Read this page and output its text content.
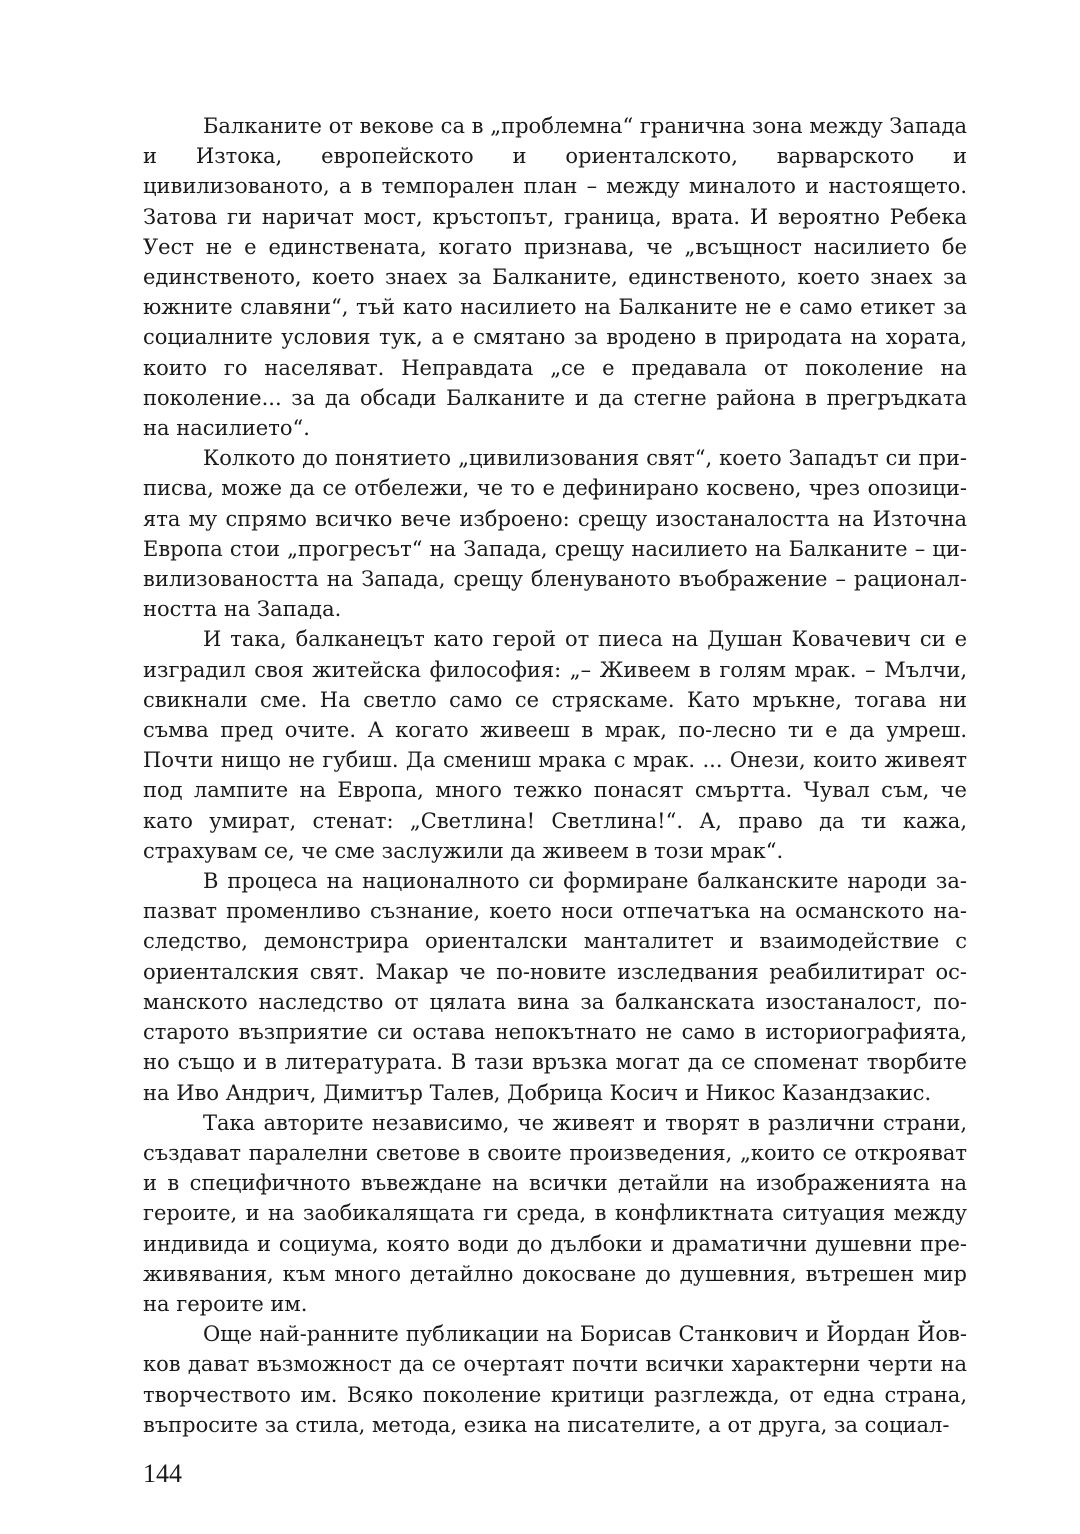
Балканите от векове са в „проблемна“ гранична зона между Запада и Изтока, европейското и ориенталското, варварското и цивилизованото, а в темпорален план – между миналото и настоящето. Затова ги наричат мост, кръстопът, граница, врата. И вероятно Ребека Уест не е единствената, когато признава, че „всъщност насилието бе единственото, което знаех за Балканите, единственото, което знаех за южните славяни“, тъй като насилието на Балканите не е само етикет за социалните условия тук, а е смятано за вродено в природата на хората, които го населяват. Неправдата „се е предавала от поколение на поколение... за да обсади Балканите и да стегне района в прегръдката на насилието“.

Колкото до понятието „цивилизования свят“, което Западът си приписва, може да се отбележи, че то е дефинирано косвено, чрез опозицията му спрямо всичко вече изброено: срещу изостаналостта на Източна Европа стои „прогресът“ на Запада, срещу насилието на Балканите – цивилизоваността на Запада, срещу бленуваното въображение – рационалността на Запада.

И така, балканецът като герой от пиеса на Душан Ковачевич си е изградил своя житейска философия: „– Живеем в голям мрак. – Мълчи, свикнали сме. На светло само се стряскаме. Като мръкне, тогава ни съмва пред очите. А когато живееш в мрак, по-лесно ти е да умреш. Почти нищо не губиш. Да смениш мрака с мрак. ... Онези, които живеят под лампите на Европа, много тежко понасят смъртта. Чувал съм, че като умират, стенат: „Светлина! Светлина!“. А, право да ти кажа, страхувам се, че сме заслужили да живеем в този мрак“.

В процеса на националното си формиране балканските народи запазват променливо съзнание, което носи отпечатъка на османското наследство, демонстрира ориенталски манталитет и взаимодействие с ориенталския свят. Макар че по-новите изследвания реабилитират османското наследство от цялата вина за балканската изостаналост, по-старото възприятие си остава непокътнато не само в историографията, но също и в литературата. В тази връзка могат да се споменат творбите на Иво Андрич, Димитър Талев, Добрица Косич и Никос Казандзакис.

Така авторите независимо, че живеят и творят в различни страни, създават паралелни светове в своите произведения, „които се открояват и в специфичното въвеждане на всички детайли на изображенията на героите, и на заобикалящата ги среда, в конфликтната ситуация между индивида и социума, която води до дълбоки и драматични душевни преживявания, към много детайлно докосване до душевния, вътрешен мир на героите им.

Още най-ранните публикации на Борисав Станкович и Йордан Йовков дават възможност да се очертаят почти всички характерни черти на творчеството им. Всяко поколение критици разглежда, от една страна, въпросите за стила, метода, езика на писателите, а от друга, за социал-

144
